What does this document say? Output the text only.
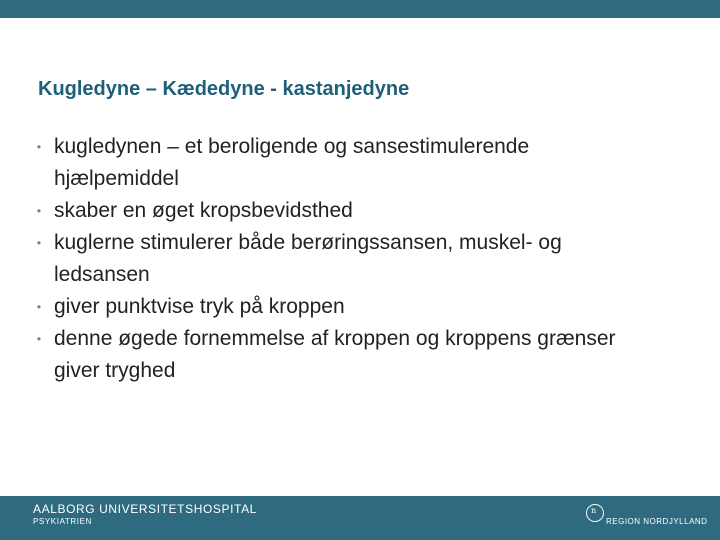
Kugledyne – Kædedyne - kastanjedyne
• kugledynen – et beroligende og sansestimulerende hjælpemiddel
• skaber en øget kropsbevidsthed
• kuglerne stimulerer både berøringssansen, muskel- og ledsansen
• giver punktvise tryk på kroppen
• denne øgede fornemmelse af kroppen og kroppens grænser giver tryghed
AALBORG UNIVERSITETSHOSPITAL
PSYKIATRIEN
n
REGION NORDJYLLAND
